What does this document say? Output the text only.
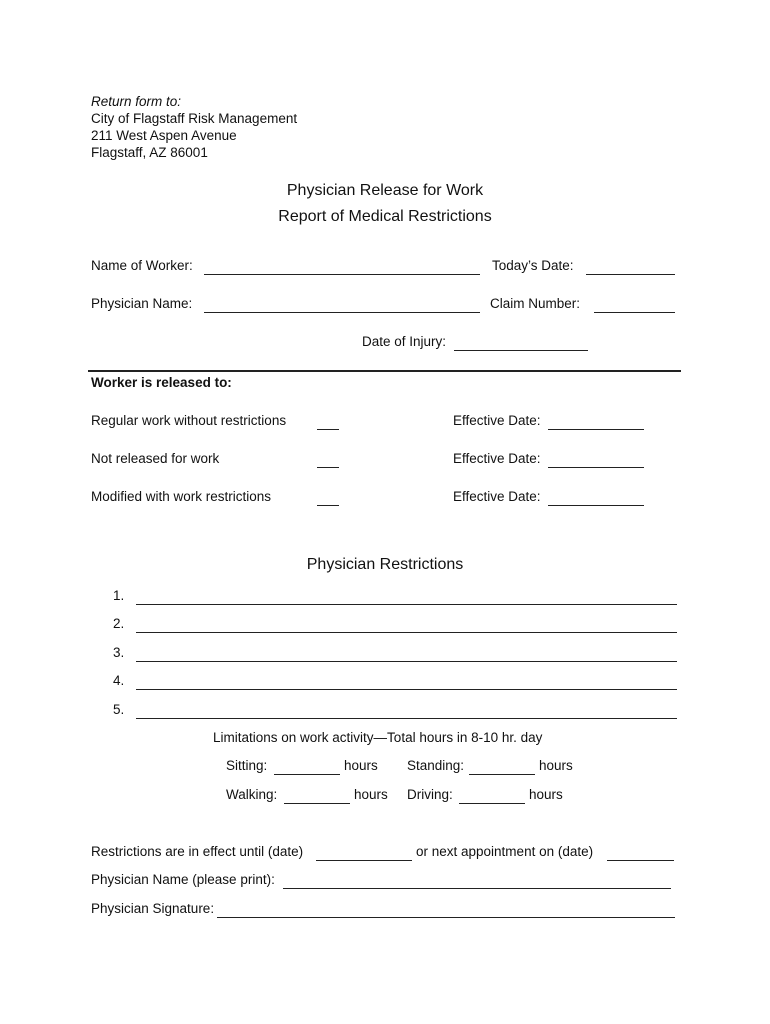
Return form to:
City of Flagstaff Risk Management
211 West Aspen Avenue
Flagstaff, AZ 86001
Physician Release for Work
Report of Medical Restrictions
Name of Worker:	Today’s Date:
Physician Name:	Claim Number:
Date of Injury:
Worker is released to:
Regular work without restrictions	Effective Date:
Not released for work	Effective Date:
Modified with work restrictions	Effective Date:
Physician Restrictions
1.
2.
3.
4.
5.
Limitations on work activity—Total hours in 8-10 hr. day
Sitting:	hours Standing:	hours
Walking:	hours Driving:	hours
Restrictions are in effect until (date)	or next appointment on (date)
Physician Name (please print):
Physician Signature:
